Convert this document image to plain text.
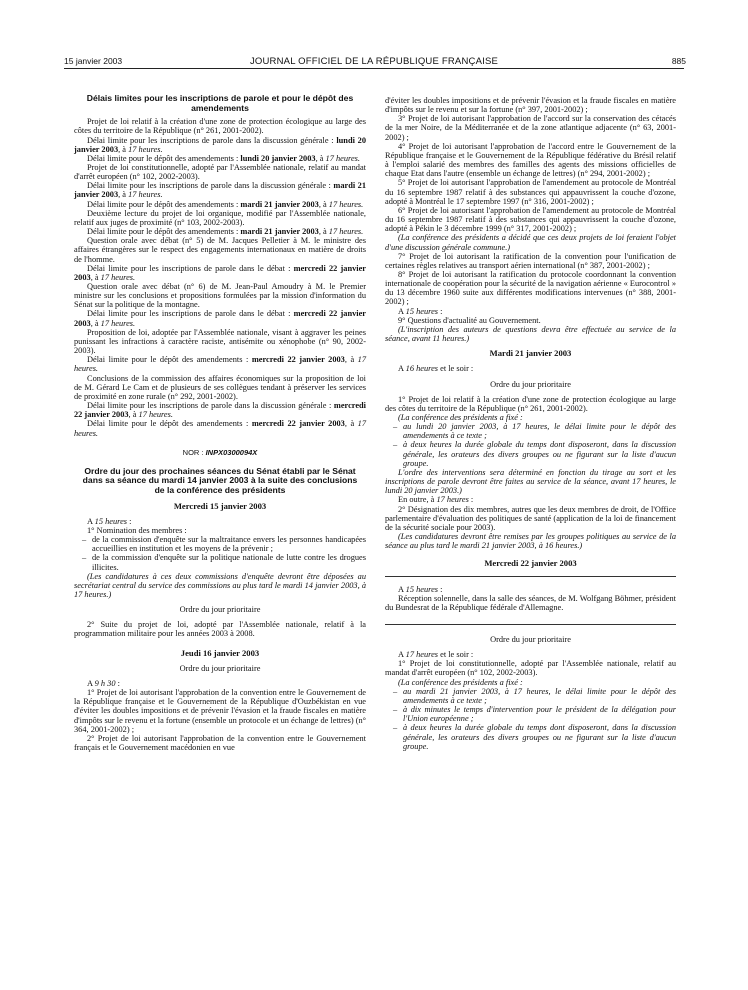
15 janvier 2003	JOURNAL OFFICIEL DE LA RÉPUBLIQUE FRANÇAISE	885

Délais limites pour les inscriptions de parole et pour le dépôt des amendements

Projet de loi relatif à la création d'une zone de protection écologique au large des côtes du territoire de la République (n° 261, 2001-2002).

Délai limite pour les inscriptions de parole dans la discussion générale : lundi 20 janvier 2003, à 17 heures.

Délai limite pour le dépôt des amendements : lundi 20 janvier 2003, à 17 heures.

Projet de loi constitutionnelle, adopté par l'Assemblée nationale, relatif au mandat d'arrêt européen (n° 102, 2002-2003).

Délai limite pour les inscriptions de parole dans la discussion générale : mardi 21 janvier 2003, à 17 heures.

Délai limite pour le dépôt des amendements : mardi 21 janvier 2003, à 17 heures.

Deuxième lecture du projet de loi organique, modifié par l'Assemblée nationale, relatif aux juges de proximité (n° 103, 2002-2003).

Délai limite pour le dépôt des amendements : mardi 21 janvier 2003, à 17 heures.

Question orale avec débat (n° 5) de M. Jacques Pelletier à M. le ministre des affaires étrangères sur le respect des engagements internationaux en matière de droits de l'homme.

Délai limite pour les inscriptions de parole dans le débat : mercredi 22 janvier 2003, à 17 heures.

Question orale avec débat (n° 6) de M. Jean-Paul Amoudry à M. le Premier ministre sur les conclusions et propositions formulées par la mission d'information du Sénat sur la politique de la montagne.

Délai limite pour les inscriptions de parole dans le débat : mercredi 22 janvier 2003, à 17 heures.

Proposition de loi, adoptée par l'Assemblée nationale, visant à aggraver les peines punissant les infractions à caractère raciste, antisémite ou xénophobe (n° 90, 2002-2003).

Délai limite pour le dépôt des amendements : mercredi 22 janvier 2003, à 17 heures.

Conclusions de la commission des affaires économiques sur la proposition de loi de M. Gérard Le Cam et de plusieurs de ses collègues tendant à préserver les services de proximité en zone rurale (n° 292, 2001-2002).

Délai limite pour les inscriptions de parole dans la discussion générale : mercredi 22 janvier 2003, à 17 heures.

Délai limite pour le dépôt des amendements : mercredi 22 janvier 2003, à 17 heures.

NOR : INPX0300094X

Ordre du jour des prochaines séances du Sénat établi par le Sénat dans sa séance du mardi 14 janvier 2003 à la suite des conclusions de la conférence des présidents

Mercredi 15 janvier 2003

A 15 heures :

1° Nomination des membres :

– de la commission d'enquête sur la maltraitance envers les personnes handicapées accueillies en institution et les moyens de la prévenir ;

– de la commission d'enquête sur la politique nationale de lutte contre les drogues illicites.

(Les candidatures à ces deux commissions d'enquête devront être déposées au secrétariat central du service des commissions au plus tard le mardi 14 janvier 2003, à 17 heures.)

Ordre du jour prioritaire

2° Suite du projet de loi, adopté par l'Assemblée nationale, relatif à la programmation militaire pour les années 2003 à 2008.

Jeudi 16 janvier 2003

Ordre du jour prioritaire

A 9 h 30 :

1° Projet de loi autorisant l'approbation de la convention entre le Gouvernement de la République française et le Gouvernement de la République d'Ouzbékistan en vue d'éviter les doubles impositions et de prévenir l'évasion et la fraude fiscales en matière d'impôts sur le revenu et la fortune (ensemble un protocole et un échange de lettres) (n° 364, 2001-2002) ;

2° Projet de loi autorisant l'approbation de la convention entre le Gouvernement français et le Gouvernement macédonien en vue

d'éviter les doubles impositions et de prévenir l'évasion et la fraude fiscales en matière d'impôts sur le revenu et sur la fortune (n° 397, 2001-2002) ;

3° Projet de loi autorisant l'approbation de l'accord sur la conservation des cétacés de la mer Noire, de la Méditerranée et de la zone atlantique adjacente (n° 63, 2001-2002) ;

4° Projet de loi autorisant l'approbation de l'accord entre le Gouvernement de la République française et le Gouvernement de la République fédérative du Brésil relatif à l'emploi salarié des membres des familles des agents des missions officielles de chaque Etat dans l'autre (ensemble un échange de lettres) (n° 294, 2001-2002) ;

5° Projet de loi autorisant l'approbation de l'amendement au protocole de Montréal du 16 septembre 1987 relatif à des substances qui appauvrissent la couche d'ozone, adopté à Montréal le 17 septembre 1997 (n° 316, 2001-2002) ;

6° Projet de loi autorisant l'approbation de l'amendement au protocole de Montréal du 16 septembre 1987 relatif à des substances qui appauvrissent la couche d'ozone, adopté à Pékin le 3 décembre 1999 (n° 317, 2001-2002) ;

(La conférence des présidents a décidé que ces deux projets de loi feraient l'objet d'une discussion générale commune.)

7° Projet de loi autorisant la ratification de la convention pour l'unification de certaines règles relatives au transport aérien international (n° 387, 2001-2002) ;

8° Projet de loi autorisant la ratification du protocole coordonnant la convention internationale de coopération pour la sécurité de la navigation aérienne « Eurocontrol » du 13 décembre 1960 suite aux différentes modifications intervenues (n° 388, 2001-2002) ;

A 15 heures :

9° Questions d'actualité au Gouvernement.

(L'inscription des auteurs de questions devra être effectuée au service de la séance, avant 11 heures.)

Mardi 21 janvier 2003

A 16 heures et le soir :

Ordre du jour prioritaire

1° Projet de loi relatif à la création d'une zone de protection écologique au large des côtes du territoire de la République (n° 261, 2001-2002).

(La conférence des présidents a fixé :

– au lundi 20 janvier 2003, à 17 heures, le délai limite pour le dépôt des amendements à ce texte ;

– à deux heures la durée globale du temps dont disposeront, dans la discussion générale, les orateurs des divers groupes ou ne figurant sur la liste d'aucun groupe.

L'ordre des interventions sera déterminé en fonction du tirage au sort et les inscriptions de parole devront être faites au service de la séance, avant 17 heures, le lundi 20 janvier 2003.)

En outre, à 17 heures :

2° Désignation des dix membres, autres que les deux membres de droit, de l'Office parlementaire d'évaluation des politiques de santé (application de la loi de financement de la sécurité sociale pour 2003).

(Les candidatures devront être remises par les groupes politiques au service de la séance au plus tard le mardi 21 janvier 2003, à 16 heures.)

Mercredi 22 janvier 2003

A 15 heures :

Réception solennelle, dans la salle des séances, de M. Wolfgang Böhmer, président du Bundesrat de la République fédérale d'Allemagne.

Ordre du jour prioritaire

A 17 heures et le soir :

1° Projet de loi constitutionnelle, adopté par l'Assemblée nationale, relatif au mandat d'arrêt européen (n° 102, 2002-2003).

(La conférence des présidents a fixé :

– au mardi 21 janvier 2003, à 17 heures, le délai limite pour le dépôt des amendements à ce texte ;

– à dix minutes le temps d'intervention pour le président de la délégation pour l'Union européenne ;

– à deux heures la durée globale du temps dont disposeront, dans la discussion générale, les orateurs des divers groupes ou ne figurant sur la liste d'aucun groupe.
